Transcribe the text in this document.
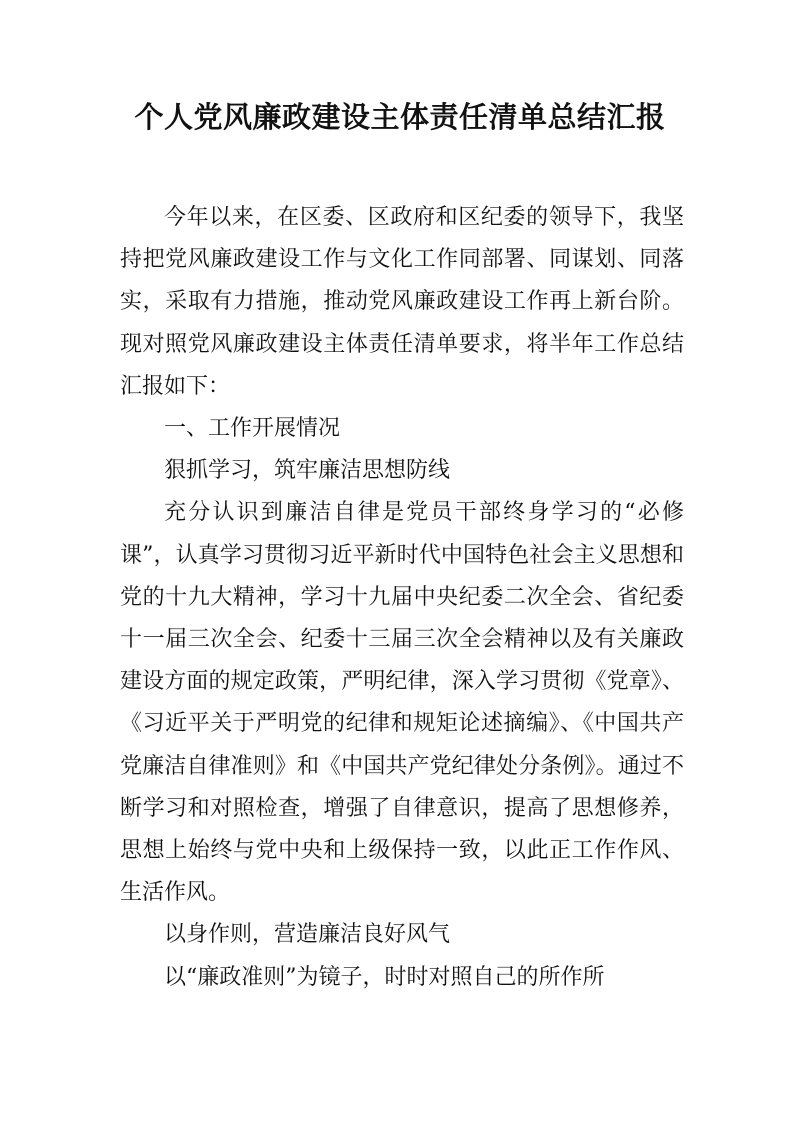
个人党风廉政建设主体责任清单总结汇报

今年以来，在区委、区政府和区纪委的领导下，我坚持把党风廉政建设工作与文化工作同部署、同谋划、同落实，采取有力措施，推动党风廉政建设工作再上新台阶。现对照党风廉政建设主体责任清单要求，将半年工作总结汇报如下：

一、工作开展情况

狠抓学习，筑牢廉洁思想防线

充分认识到廉洁自律是党员干部终身学习的“必修课”，认真学习贯彻习近平新时代中国特色社会主义思想和党的十九大精神，学习十九届中央纪委二次全会、省纪委十一届三次全会、纪委十三届三次全会精神以及有关廉政建设方面的规定政策，严明纪律，深入学习贯彻《党章》、《习近平关于严明党的纪律和规矩论述摘编》、《中国共产党廉洁自律准则》和《中国共产党纪律处分条例》。通过不断学习和对照检查，增强了自律意识，提高了思想修养，思想上始终与党中央和上级保持一致，以此正工作作风、生活作风。

以身作则，营造廉洁良好风气

以“廉政准则”为镜子，时时对照自己的所作所
